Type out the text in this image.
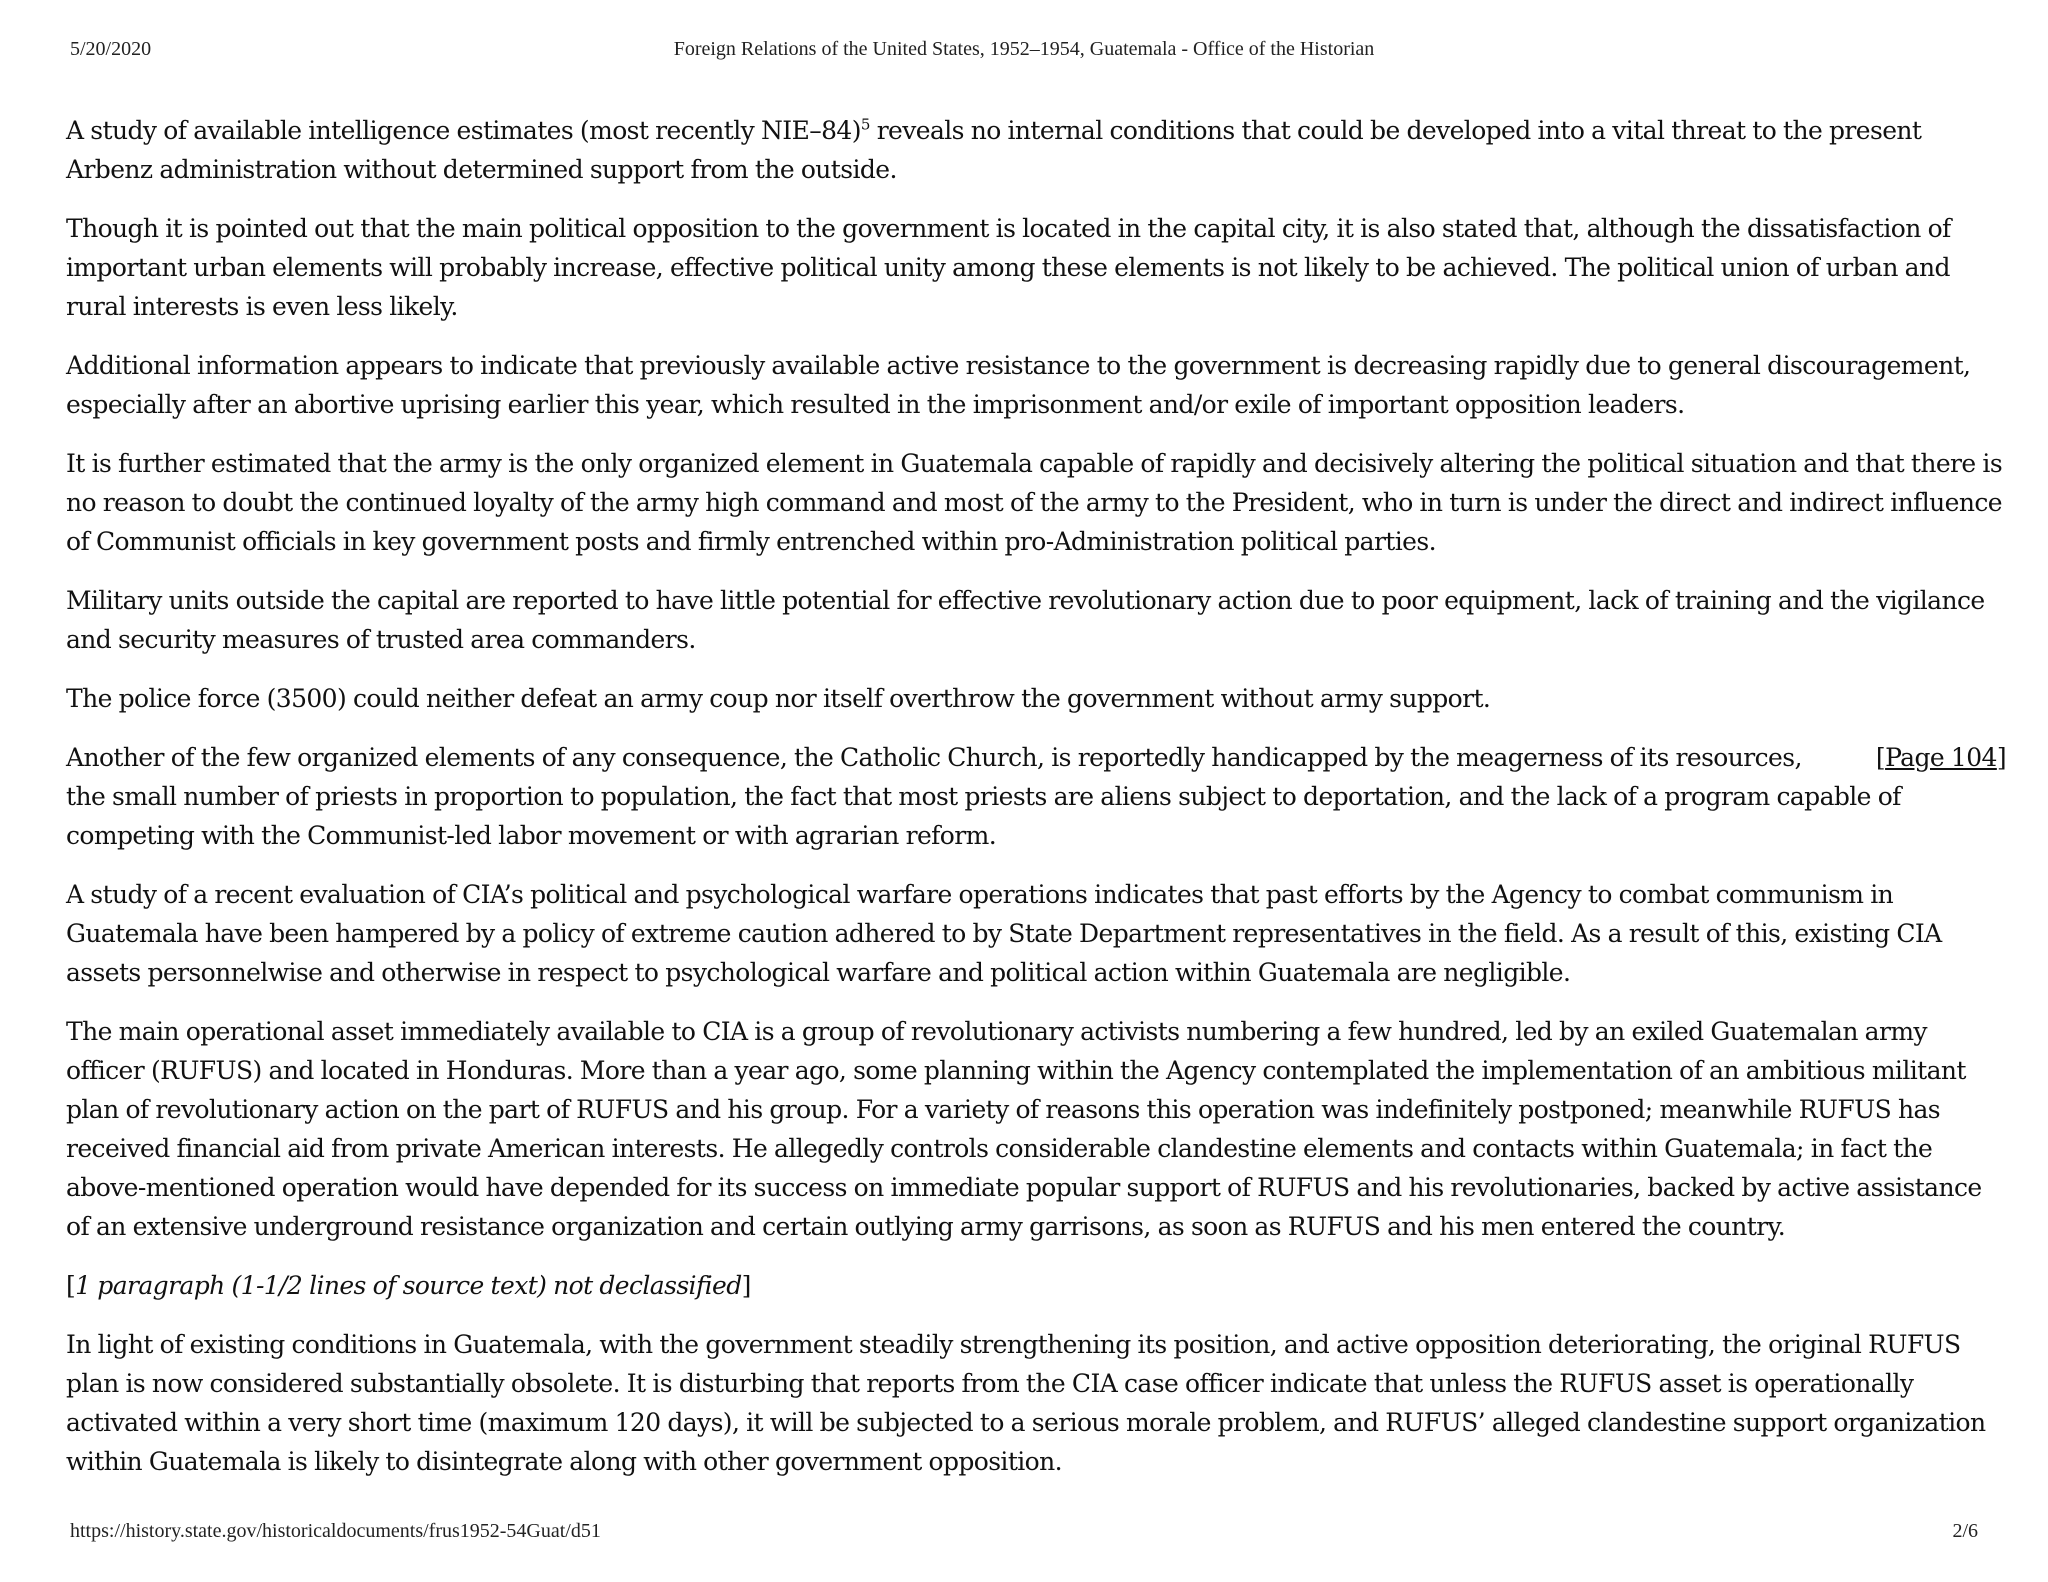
5/20/2020	Foreign Relations of the United States, 1952–1954, Guatemala - Office of the Historian

A study of available intelligence estimates (most recently NIE–84)$^5$ reveals no internal conditions that could be developed into a vital threat to the present Arbenz administration without determined support from the outside.

Though it is pointed out that the main political opposition to the government is located in the capital city, it is also stated that, although the dissatisfaction of important urban elements will probably increase, effective political unity among these elements is not likely to be achieved. The political union of urban and rural interests is even less likely.

Additional information appears to indicate that previously available active resistance to the government is decreasing rapidly due to general discouragement, especially after an abortive uprising earlier this year, which resulted in the imprisonment and/or exile of important opposition leaders.

It is further estimated that the army is the only organized element in Guatemala capable of rapidly and decisively altering the political situation and that there is no reason to doubt the continued loyalty of the army high command and most of the army to the President, who in turn is under the direct and indirect influence of Communist officials in key government posts and firmly entrenched within pro-Administration political parties.

Military units outside the capital are reported to have little potential for effective revolutionary action due to poor equipment, lack of training and the vigilance and security measures of trusted area commanders.

The police force (3500) could neither defeat an army coup nor itself overthrow the government without army support.

[Page 104]
Another of the few organized elements of any consequence, the Catholic Church, is reportedly handicapped by the meagerness of its resources, the small number of priests in proportion to population, the fact that most priests are aliens subject to deportation, and the lack of a program capable of competing with the Communist-led labor movement or with agrarian reform.

A study of a recent evaluation of CIA’s political and psychological warfare operations indicates that past efforts by the Agency to combat communism in Guatemala have been hampered by a policy of extreme caution adhered to by State Department representatives in the field. As a result of this, existing CIA assets personnelwise and otherwise in respect to psychological warfare and political action within Guatemala are negligible.

The main operational asset immediately available to CIA is a group of revolutionary activists numbering a few hundred, led by an exiled Guatemalan army officer (RUFUS) and located in Honduras. More than a year ago, some planning within the Agency contemplated the implementation of an ambitious militant plan of revolutionary action on the part of RUFUS and his group. For a variety of reasons this operation was indefinitely postponed; meanwhile RUFUS has received financial aid from private American interests. He allegedly controls considerable clandestine elements and contacts within Guatemala; in fact the above-mentioned operation would have depended for its success on immediate popular support of RUFUS and his revolutionaries, backed by active assistance of an extensive underground resistance organization and certain outlying army garrisons, as soon as RUFUS and his men entered the country.

[1 paragraph (1-1/2 lines of source text) not declassified]

In light of existing conditions in Guatemala, with the government steadily strengthening its position, and active opposition deteriorating, the original RUFUS plan is now considered substantially obsolete. It is disturbing that reports from the CIA case officer indicate that unless the RUFUS asset is operationally activated within a very short time (maximum 120 days), it will be subjected to a serious morale problem, and RUFUS’ alleged clandestine support organization within Guatemala is likely to disintegrate along with other government opposition.

https://history.state.gov/historicaldocuments/frus1952-54Guat/d51	2/6
